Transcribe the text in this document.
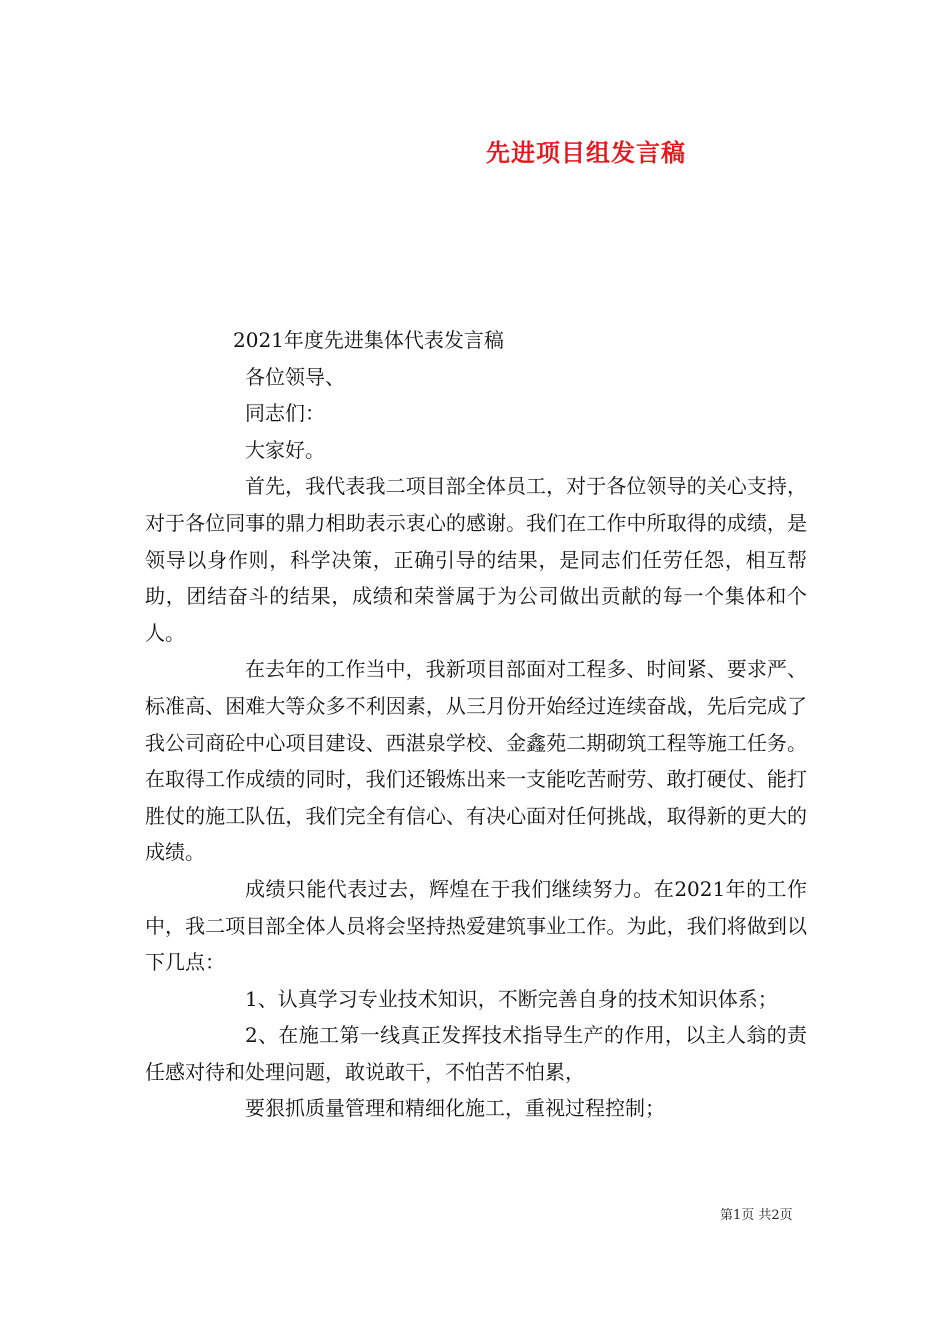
先进项目组发言稿

2021年度先进集体代表发言稿

各位领导、

同志们：

大家好。

首先，我代表我二项目部全体员工，对于各位领导的关心支持，对于各位同事的鼎力相助表示衷心的感谢。我们在工作中所取得的成绩，是领导以身作则，科学决策，正确引导的结果，是同志们任劳任怨，相互帮助，团结奋斗的结果，成绩和荣誉属于为公司做出贡献的每一个集体和个人。

在去年的工作当中，我新项目部面对工程多、时间紧、要求严、标准高、困难大等众多不利因素，从三月份开始经过连续奋战，先后完成了我公司商砼中心项目建设、西湛泉学校、金鑫苑二期砌筑工程等施工任务。在取得工作成绩的同时，我们还锻炼出来一支能吃苦耐劳、敢打硬仗、能打胜仗的施工队伍，我们完全有信心、有决心面对任何挑战，取得新的更大的成绩。

成绩只能代表过去，辉煌在于我们继续努力。在2021年的工作中，我二项目部全体人员将会坚持热爱建筑事业工作。为此，我们将做到以下几点：

1、认真学习专业技术知识，不断完善自身的技术知识体系；

2、在施工第一线真正发挥技术指导生产的作用，以主人翁的责任感对待和处理问题，敢说敢干，不怕苦不怕累，

要狠抓质量管理和精细化施工，重视过程控制；

第1页 共2页
